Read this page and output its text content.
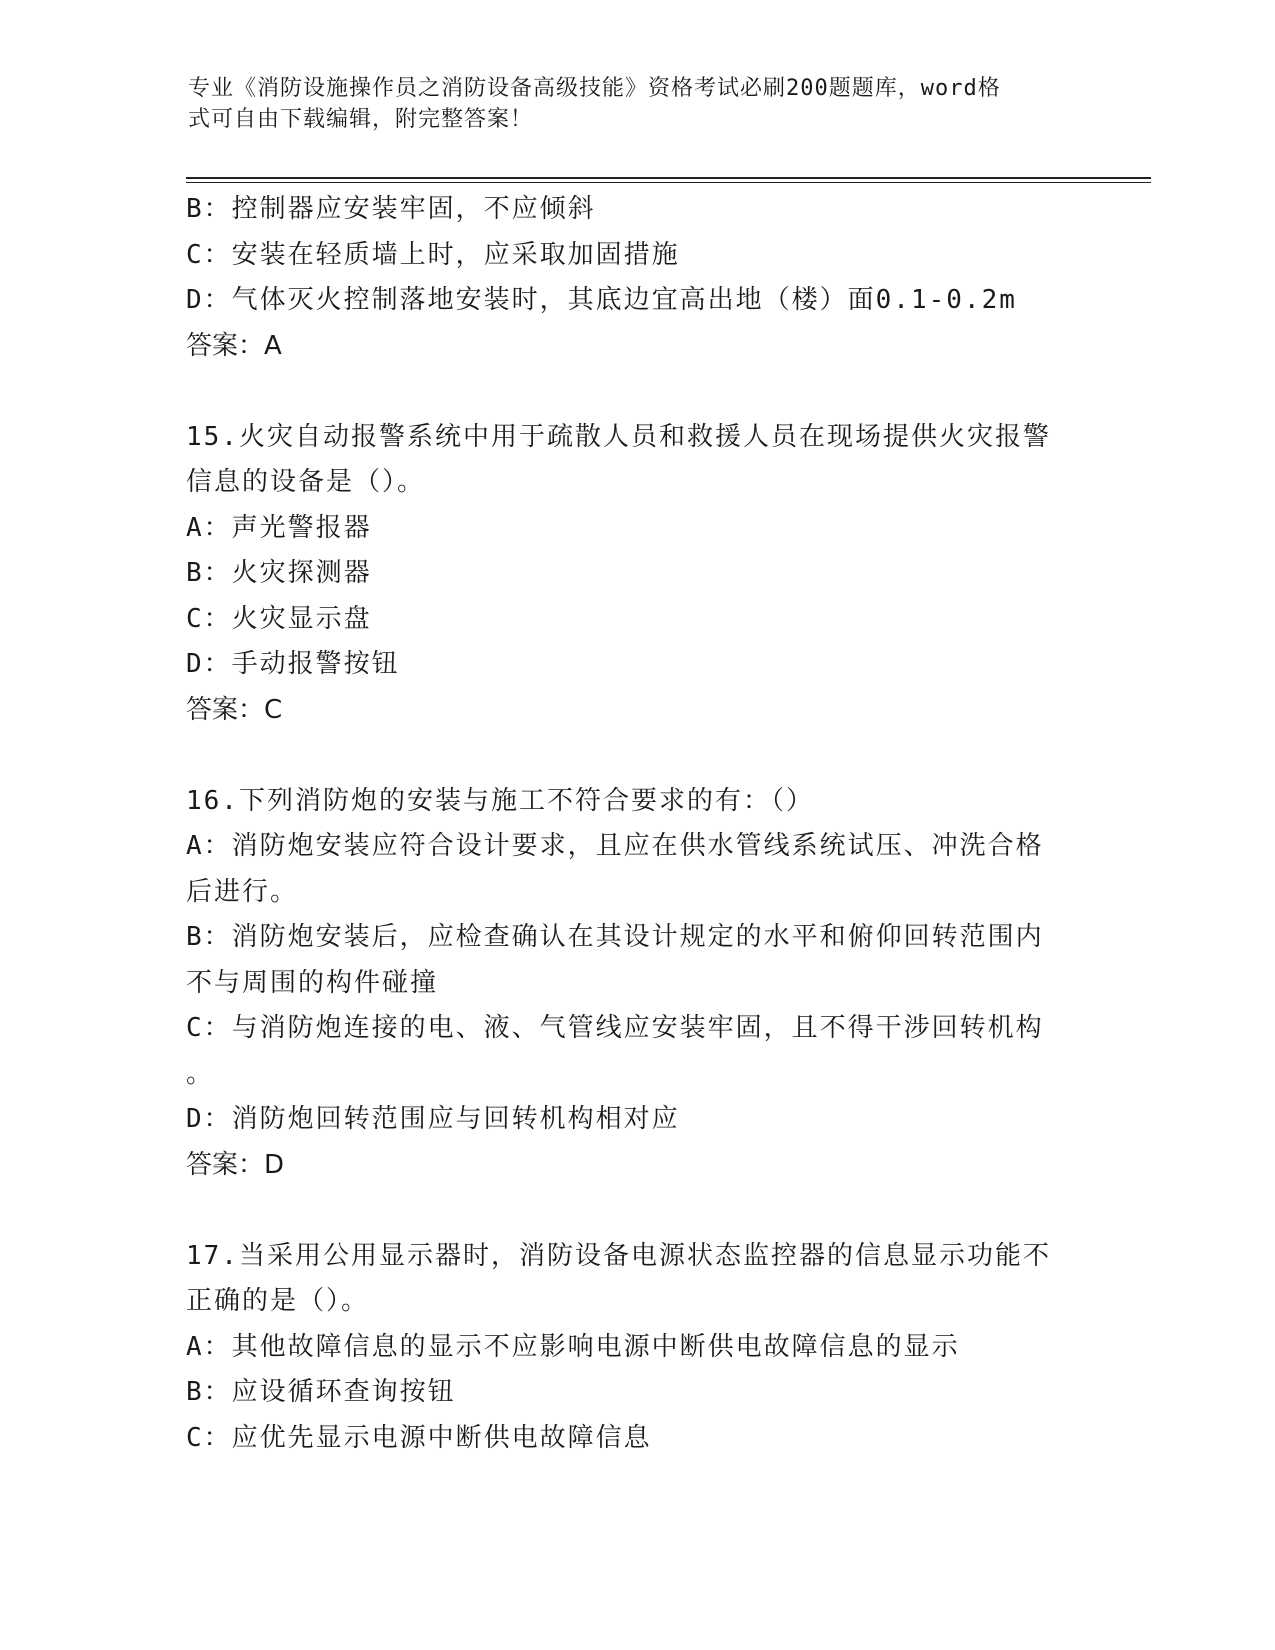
专业《消防设施操作员之消防设备高级技能》资格考试必刷200题题库，word格
式可自由下载编辑，附完整答案！
B：控制器应安装牢固，不应倾斜
C：安装在轻质墙上时，应采取加固措施
D：气体灭火控制落地安装时，其底边宜高出地（楼）面0.1-0.2m
答案：A
15.火灾自动报警系统中用于疏散人员和救援人员在现场提供火灾报警
信息的设备是（）。
A：声光警报器
B：火灾探测器
C：火灾显示盘
D：手动报警按钮
答案：C
16.下列消防炮的安装与施工不符合要求的有：（）
A：消防炮安装应符合设计要求，且应在供水管线系统试压、冲洗合格
后进行。
B：消防炮安装后，应检查确认在其设计规定的水平和俯仰回转范围内
不与周围的构件碰撞
C：与消防炮连接的电、液、气管线应安装牢固，且不得干涉回转机构
。
D：消防炮回转范围应与回转机构相对应
答案：D
17.当采用公用显示器时，消防设备电源状态监控器的信息显示功能不
正确的是（）。
A：其他故障信息的显示不应影响电源中断供电故障信息的显示
B：应设循环查询按钮
C：应优先显示电源中断供电故障信息
